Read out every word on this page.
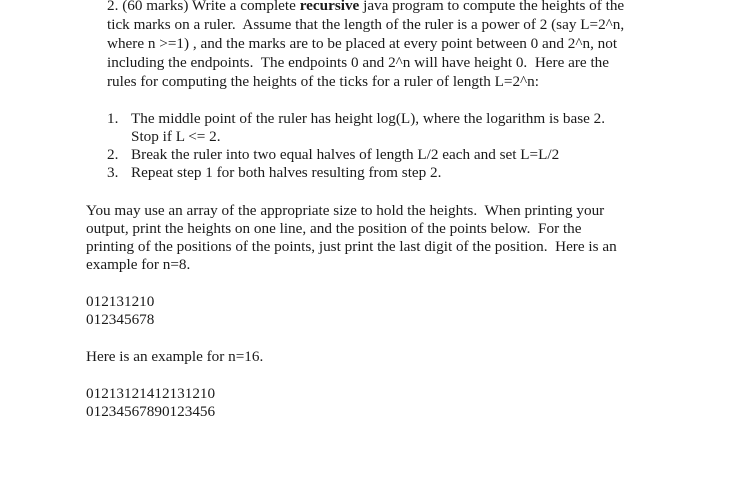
2. (60 marks) Write a complete recursive java program to compute the heights of the
tick marks on a ruler.  Assume that the length of the ruler is a power of 2 (say L=2^n,
where n >=1) , and the marks are to be placed at every point between 0 and 2^n, not
including the endpoints.  The endpoints 0 and 2^n will have height 0.  Here are the
rules for computing the heights of the ticks for a ruler of length L=2^n:
1. The middle point of the ruler has height log(L), where the logarithm is base 2.
Stop if L <= 2.
2. Break the ruler into two equal halves of length L/2 each and set L=L/2
3. Repeat step 1 for both halves resulting from step 2.
You may use an array of the appropriate size to hold the heights.  When printing your
output, print the heights on one line, and the position of the points below.  For the
printing of the positions of the points, just print the last digit of the position.  Here is an
example for n=8.
012131210
012345678
Here is an example for n=16.
01213121412131210
01234567890123456
